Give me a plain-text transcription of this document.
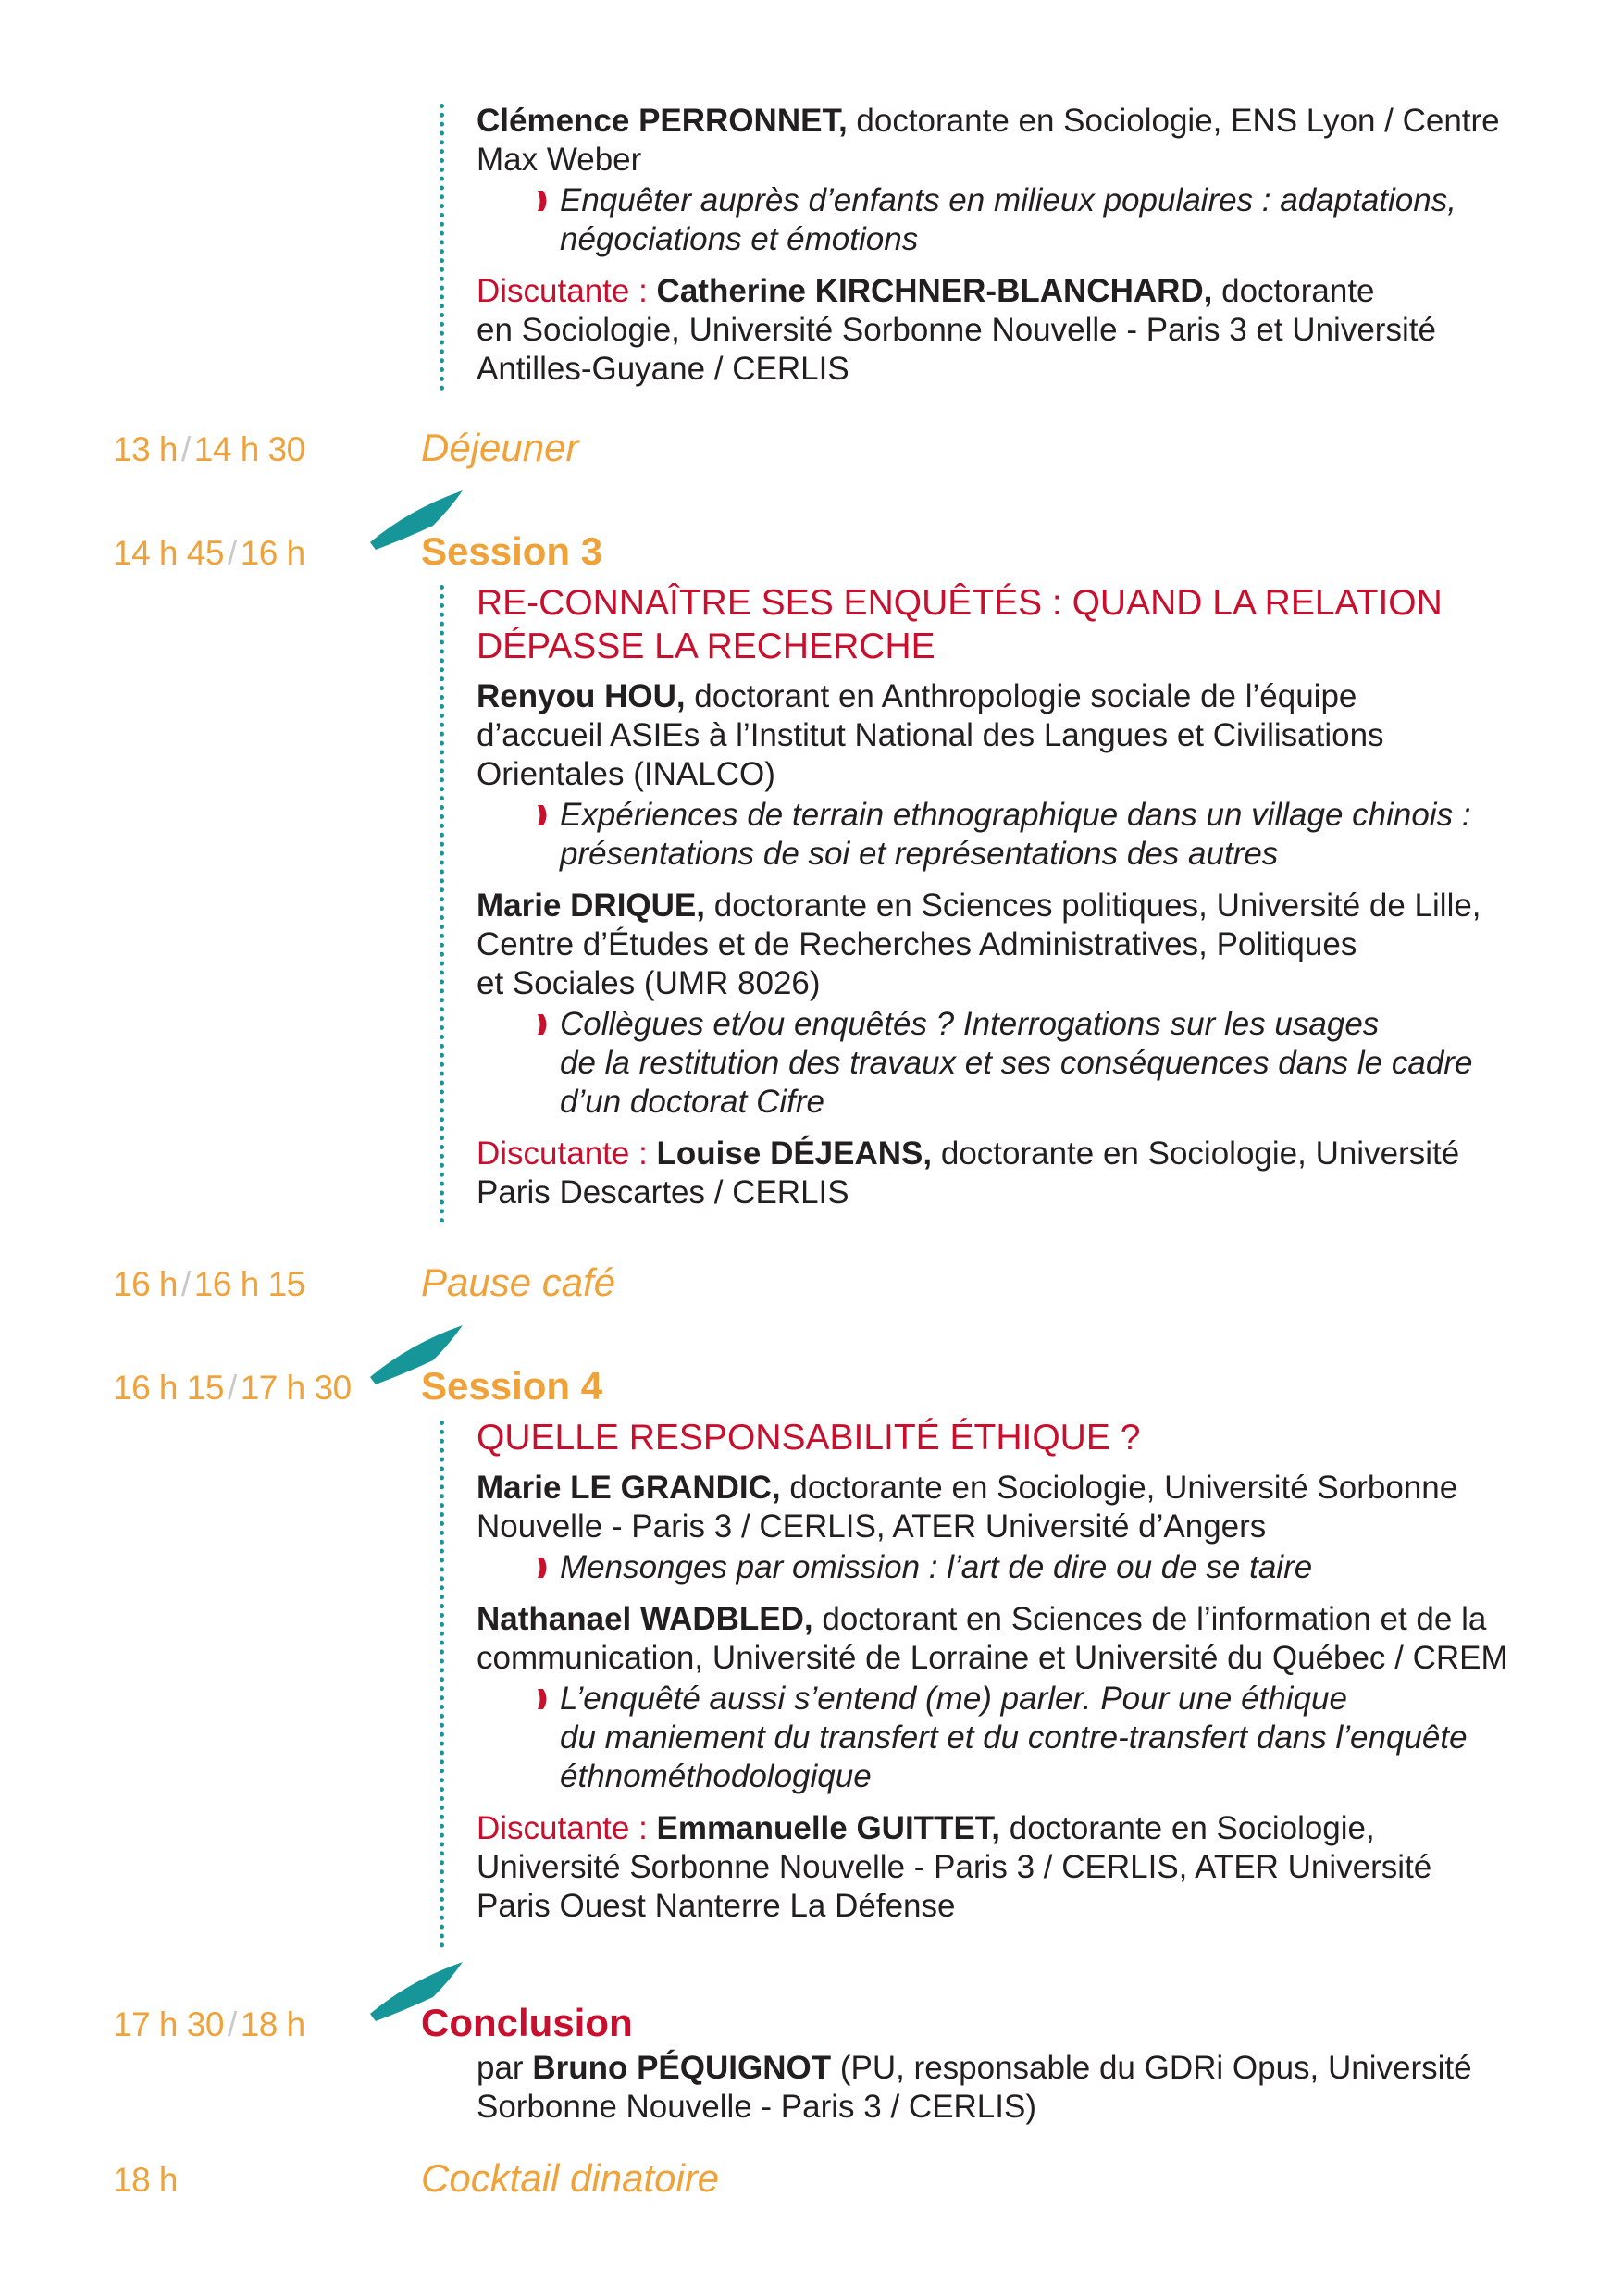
Clémence PERRONNET, doctorante en Sociologie, ENS Lyon / Centre Max Weber

Enquêter auprès d’enfants en milieux populaires : adaptations,
négociations et émotions

Discutante : Catherine KIRCHNER-BLANCHARD, doctorante
en Sociologie, Université Sorbonne Nouvelle - Paris 3 et Université
Antilles-Guyane / CERLIS

13 h / 14 h 30	Déjeuner
14 h 45 / 16 h	Session 3

RE-CONNAÎTRE SES ENQUÊTÉS : QUAND LA RELATION
DÉPASSE LA RECHERCHE

Renyou HOU, doctorant en Anthropologie sociale de l’équipe
d’accueil ASIEs à l’Institut National des Langues et Civilisations
Orientales (INALCO)

Expériences de terrain ethnographique dans un village chinois :
présentations de soi et représentations des autres

Marie DRIQUE, doctorante en Sciences politiques, Université de Lille,
Centre d’Études et de Recherches Administratives, Politiques
et Sociales (UMR 8026)

Collègues et/ou enquêtés ? Interrogations sur les usages
de la restitution des travaux et ses conséquences dans le cadre
d’un doctorat Cifre

Discutante : Louise DÉJEANS, doctorante en Sociologie, Université
Paris Descartes / CERLIS

16 h / 16 h 15	Pause café
16 h 15 / 17 h 30 Session 4

QUELLE RESPONSABILITÉ ÉTHIQUE ?

Marie LE GRANDIC, doctorante en Sociologie, Université Sorbonne
Nouvelle - Paris 3 / CERLIS, ATER Université d’Angers

Mensonges par omission : l’art de dire ou de se taire

Nathanael WADBLED, doctorant en Sciences de l’information et de la
communication, Université de Lorraine et Université du Québec / CREM

L’enquêté aussi s’entend (me) parler. Pour une éthique
du maniement du transfert et du contre-transfert dans l’enquête
éthnométhodologique

Discutante : Emmanuelle GUITTET, doctorante en Sociologie,
Université Sorbonne Nouvelle - Paris 3 / CERLIS, ATER Université
Paris Ouest Nanterre La Défense

17 h 30 / 18 h	Conclusion

par Bruno PÉQUIGNOT (PU, responsable du GDRi Opus, Université
Sorbonne Nouvelle - Paris 3 / CERLIS)

18 h	Cocktail dinatoire
